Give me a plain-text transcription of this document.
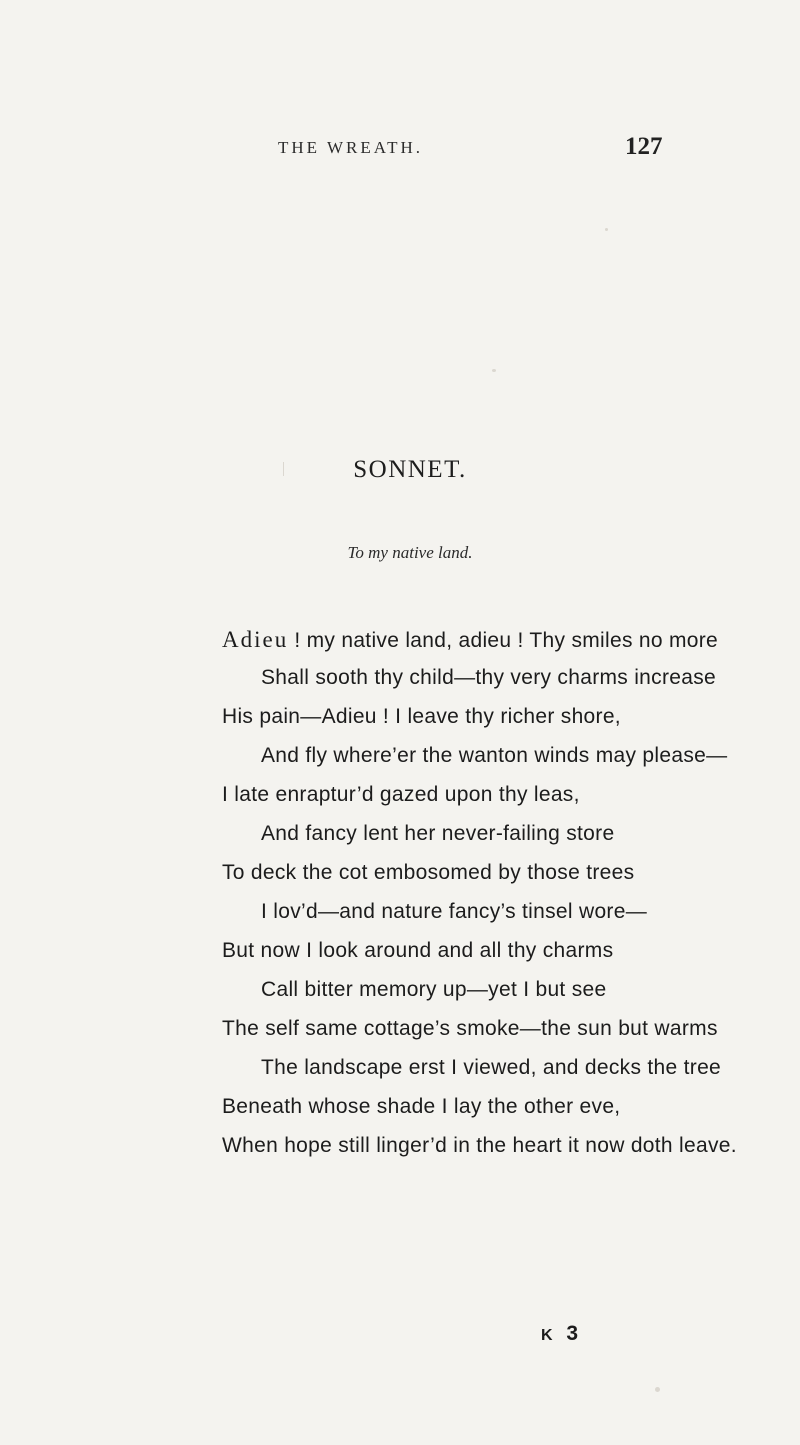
THE WREATH.	127
SONNET.
To my native land.
Adieu ! my native land, adieu ! Thy smiles no more
Shall sooth thy child—thy very charms increase
His pain—Adieu ! I leave thy richer shore,
And fly where’er the wanton winds may please—
I late enraptur’d gazed upon thy leas,
And fancy lent her never-failing store
To deck the cot embosomed by those trees
I lov’d—and nature fancy’s tinsel wore—
But now I look around and all thy charms
Call bitter memory up—yet I but see
The self same cottage’s smoke—the sun but warms
The landscape erst I viewed, and decks the tree
Beneath whose shade I lay the other eve,
When hope still linger’d in the heart it now doth leave.
K 3
